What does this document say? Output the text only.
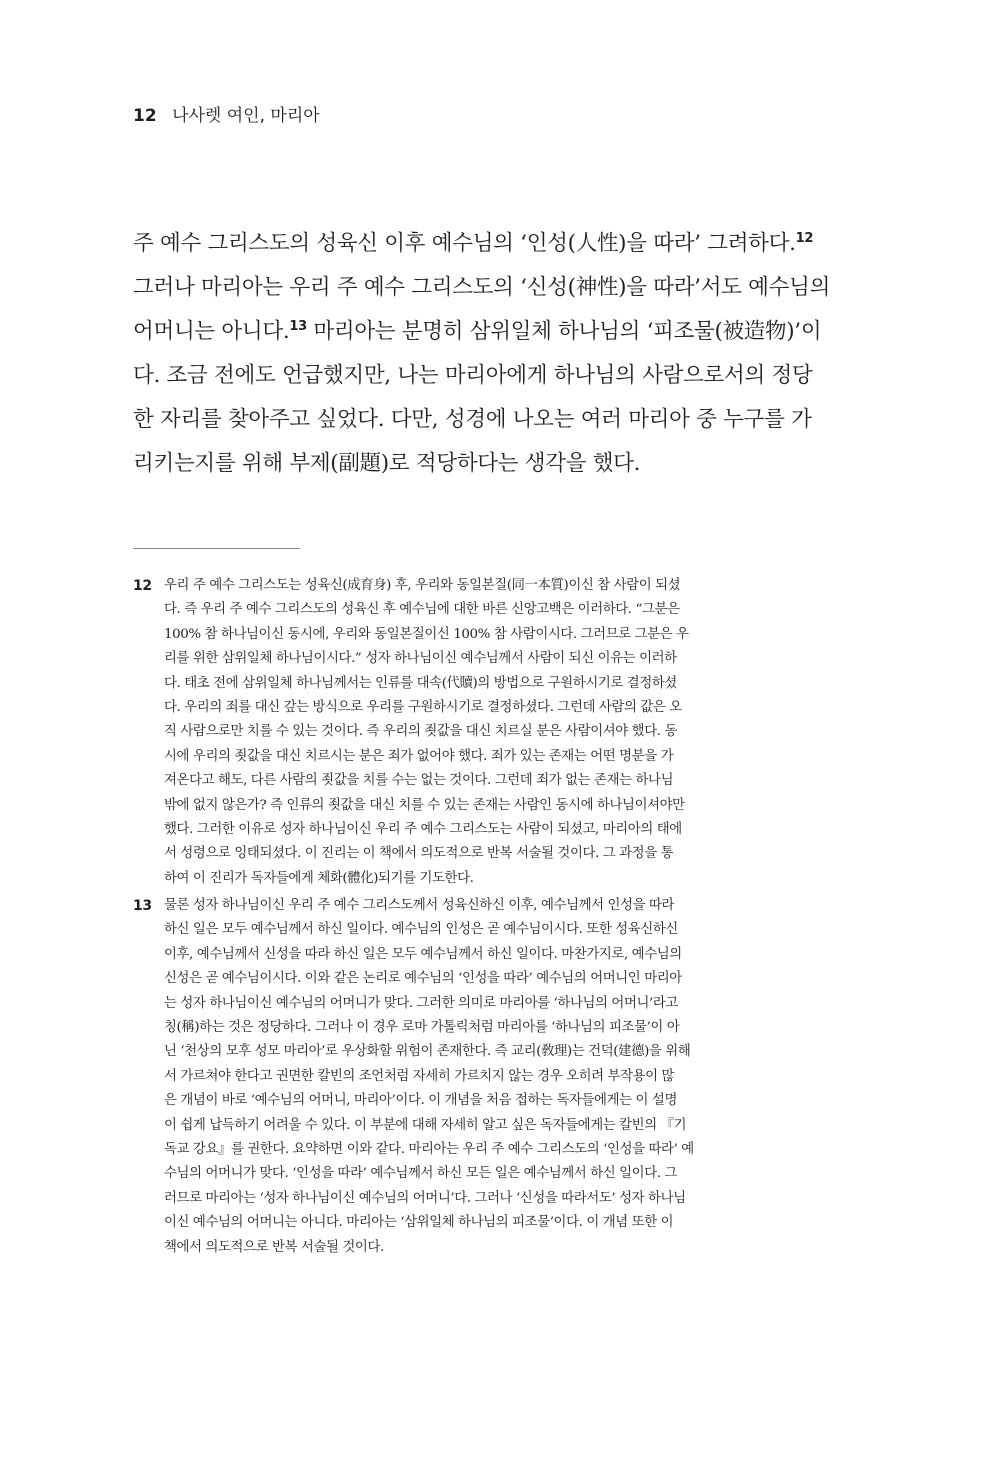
12 나사렛 여인, 마리아
주 예수 그리스도의 성육신 이후 예수님의 ‘인성(人性)을 따라’ 그려하다.$^{12}$
그러나 마리아는 우리 주 예수 그리스도의 ‘신성(神性)을 따라’서도 예수님의
어머니는 아니다.$^{13}$ 마리아는 분명히 삼위일체 하나님의 ‘피조물(被造物)’이
다. 조금 전에도 언급했지만, 나는 마리아에게 하나님의 사람으로서의 정당
한 자리를 찾아주고 싶었다. 다만, 성경에 나오는 여러 마리아 중 누구를 가
리키는지를 위해 부제(副題)로 적당하다는 생각을 했다.
12 우리 주 예수 그리스도는 성육신(成育身) 후, 우리와 동일본질(同一本質)이신 참 사람이 되셨
다. 즉 우리 주 예수 그리스도의 성육신 후 예수님에 대한 바른 신앙고백은 이러하다. “그분은
100% 참 하나님이신 동시에, 우리와 동일본질이신 100% 참 사람이시다. 그러므로 그분은 우
리를 위한 삼위일체 하나님이시다.” 성자 하나님이신 예수님께서 사람이 되신 이유는 이러하
다. 태초 전에 삼위일체 하나님께서는 인류를 대속(代贖)의 방법으로 구원하시기로 결정하셨
다. 우리의 죄를 대신 갚는 방식으로 우리를 구원하시기로 결정하셨다. 그런데 사람의 값은 오
직 사람으로만 치를 수 있는 것이다. 즉 우리의 죗값을 대신 치르실 분은 사람이셔야 했다. 동
시에 우리의 죗값을 대신 치르시는 분은 죄가 없어야 했다. 죄가 있는 존재는 어떤 명분을 가
져온다고 해도, 다른 사람의 죗값을 치를 수는 없는 것이다. 그런데 죄가 없는 존재는 하나님
밖에 없지 않은가? 즉 인류의 죗값을 대신 치를 수 있는 존재는 사람인 동시에 하나님이셔야만
했다. 그러한 이유로 성자 하나님이신 우리 주 예수 그리스도는 사람이 되셨고, 마리아의 태에
서 성령으로 잉태되셨다. 이 진리는 이 책에서 의도적으로 반복 서술될 것이다. 그 과정을 통
하여 이 진리가 독자들에게 체화(體化)되기를 기도한다.
13 물론 성자 하나님이신 우리 주 예수 그리스도께서 성육신하신 이후, 예수님께서 인성을 따라
하신 일은 모두 예수님께서 하신 일이다. 예수님의 인성은 곧 예수님이시다. 또한 성육신하신
이후, 예수님께서 신성을 따라 하신 일은 모두 예수님께서 하신 일이다. 마찬가지로, 예수님의
신성은 곧 예수님이시다. 이와 같은 논리로 예수님의 ‘인성을 따라’ 예수님의 어머니인 마리아
는 성자 하나님이신 예수님의 어머니가 맞다. 그러한 의미로 마리아를 ‘하나님의 어머니’라고
칭(稱)하는 것은 정당하다. 그러나 이 경우 로마 가톨릭처럼 마리아를 ‘하나님의 피조물’이 아
닌 ‘천상의 모후 성모 마리아’로 우상화할 위험이 존재한다. 즉 교리(敎理)는 건덕(建德)을 위해
서 가르쳐야 한다고 권면한 칼빈의 조언처럼 자세히 가르치지 않는 경우 오히려 부작용이 많
은 개념이 바로 ‘예수님의 어머니, 마리아’이다. 이 개념을 처음 접하는 독자들에게는 이 설명
이 쉽게 납득하기 어려울 수 있다. 이 부분에 대해 자세히 알고 싶은 독자들에게는 칼빈의 『기
독교 강요』를 권한다. 요약하면 이와 같다. 마리아는 우리 주 예수 그리스도의 ‘인성을 따라’ 예
수님의 어머니가 맞다. ‘인성을 따라’ 예수님께서 하신 모든 일은 예수님께서 하신 일이다. 그
러므로 마리아는 ‘성자 하나님이신 예수님의 어머니’다. 그러나 ‘신성을 따라서도’ 성자 하나님
이신 예수님의 어머니는 아니다. 마리아는 ‘삼위일체 하나님의 피조물’이다. 이 개념 또한 이
책에서 의도적으로 반복 서술될 것이다.
